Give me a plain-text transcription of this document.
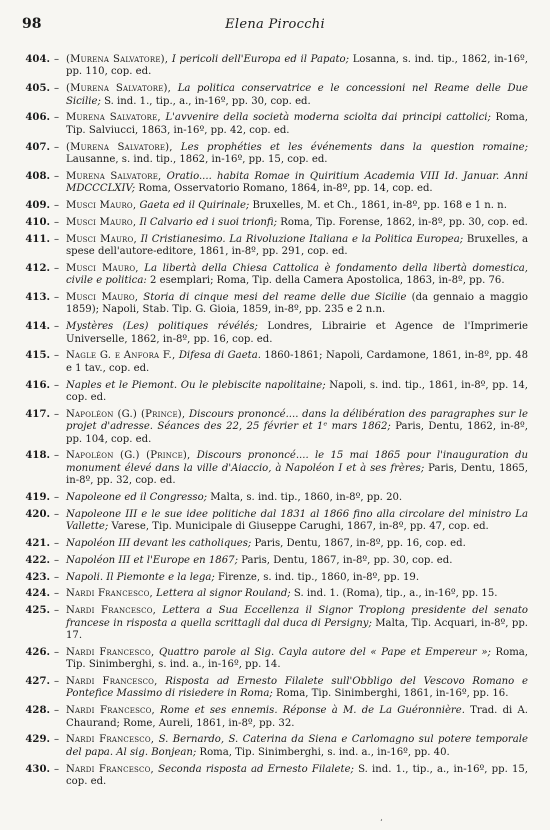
98	Elena Pirocchi
404. – (Murena Salvatore), I pericoli dell'Europa ed il Papato; Losanna, s. ind. tip., 1862, in-16º, pp. 110, cop. ed.
405. – (Murena Salvatore), La politica conservatrice e le concessioni nel Reame delle Due Sicilie; S. ind. 1., tip., a., in-16º, pp. 30, cop. ed.
406. – Murena Salvatore, L'avvenire della società moderna sciolta dai principi cattolici; Roma, Tip. Salviucci, 1863, in-16º, pp. 42, cop. ed.
407. – (Murena Salvatore), Les prophéties et les événements dans la question romaine; Lausanne, s. ind. tip., 1862, in-16º, pp. 15, cop. ed.
408. – Murena Salvatore, Oratio.... habita Romae in Quiritium Academia VIII Id. Januar. Anni MDCCCLXIV; Roma, Osservatorio Romano, 1864, in-8º, pp. 14, cop. ed.
409. – Musci Mauro, Gaeta ed il Quirinale; Bruxelles, M. et Ch., 1861, in-8º, pp. 168 e 1 n. n.
410. – Musci Mauro, Il Calvario ed i suoi trionfi; Roma, Tip. Forense, 1862, in-8º, pp. 30, cop. ed.
411. – Musci Mauro, Il Cristianesimo. La Rivoluzione Italiana e la Politica Europea; Bruxelles, a spese dell'autore-editore, 1861, in-8º, pp. 291, cop. ed.
412. – Musci Mauro, La libertà della Chiesa Cattolica è fondamento della libertà domestica, civile e politica: 2 esemplari; Roma, Tip. della Camera Apostolica, 1863, in-8º, pp. 76.
413. – Musci Mauro, Storia di cinque mesi del reame delle due Sicilie (da gennaio a maggio 1859); Napoli, Stab. Tip. G. Gioia, 1859, in-8º, pp. 235 e 2 n.n.
414. – Mystères (Les) politiques révélés; Londres, Librairie et Agence de l'Imprimerie Universelle, 1862, in-8º, pp. 16, cop. ed.
415. – Nagle G. e Anfora F., Difesa di Gaeta. 1860-1861; Napoli, Cardamone, 1861, in-8º, pp. 48 e 1 tav., cop. ed.
416. – Naples et le Piemont. Ou le plebiscite napolitaine; Napoli, s. ind. tip., 1861, in-8º, pp. 14, cop. ed.
417. – Napoléon (G.) (Prince), Discours prononcé.... dans la délibération des paragraphes sur le projet d'adresse. Séances des 22, 25 février et 1ᵉ mars 1862; Paris, Dentu, 1862, in-8º, pp. 104, cop. ed.
418. – Napoléon (G.) (Prince), Discours prononcé.... le 15 mai 1865 pour l'inauguration du monument élevé dans la ville d'Aiaccio, à Napoléon I et à ses frères; Paris, Dentu, 1865, in-8º, pp. 32, cop. ed.
419. – Napoleone ed il Congresso; Malta, s. ind. tip., 1860, in-8º, pp. 20.
420. – Napoleone III e le sue idee politiche dal 1831 al 1866 fino alla circolare del ministro La Vallette; Varese, Tip. Municipale di Giuseppe Carughi, 1867, in-8º, pp. 47, cop. ed.
421. – Napoléon III devant les catholiques; Paris, Dentu, 1867, in-8º, pp. 16, cop. ed.
422. – Napoléon III et l'Europe en 1867; Paris, Dentu, 1867, in-8º, pp. 30, cop. ed.
423. – Napoli. Il Piemonte e la lega; Firenze, s. ind. tip., 1860, in-8º, pp. 19.
424. – Nardi Francesco, Lettera al signor Rouland; S. ind. 1. (Roma), tip., a., in-16º, pp. 15.
425. – Nardi Francesco, Lettera a Sua Eccellenza il Signor Troplong presidente del senato francese in risposta a quella scrittagli dal duca di Persigny; Malta, Tip. Acquari, in-8º, pp. 17.
426. – Nardi Francesco, Quattro parole al Sig. Cayla autore del « Pape et Empereur »; Roma, Tip. Sinimberghi, s. ind. a., in-16º, pp. 14.
427. – Nardi Francesco, Risposta ad Ernesto Filalete sull'Obbligo del Vescovo Romano e Pontefice Massimo di risiedere in Roma; Roma, Tip. Sinimberghi, 1861, in-16º, pp. 16.
428. – Nardi Francesco, Rome et ses ennemis. Réponse à M. de La Guéronnière. Trad. di A. Chaurand; Rome, Aureli, 1861, in-8º, pp. 32.
429. – Nardi Francesco, S. Bernardo, S. Caterina da Siena e Carlomagno sul potere temporale del papa. Al sig. Bonjean; Roma, Tip. Sinimberghi, s. ind. a., in-16º, pp. 40.
430. – Nardi Francesco, Seconda risposta ad Ernesto Filalete; S. ind. 1., tip., a., in-16º, pp. 15, cop. ed.
‘
